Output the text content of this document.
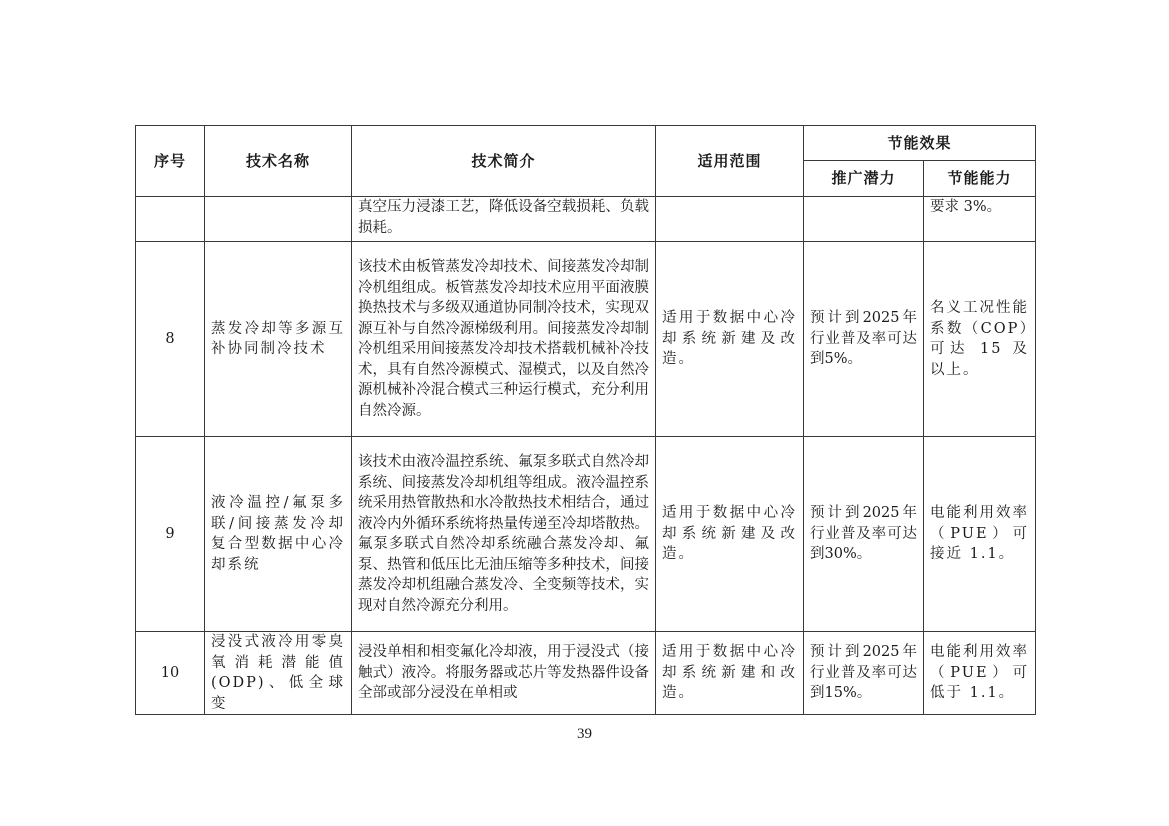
序号	技术名称	技术简介	适用范围	节能效果	
				推广潜力	节能能力
		真空压力浸漆工艺，降低设备空载损耗、负载损耗。			要求 3%。
8	蒸发冷却等多源互补协同制冷技术	该技术由板管蒸发冷却技术、间接蒸发冷却制冷机组组成。板管蒸发冷却技术应用平面液膜换热技术与多级双通道协同制冷技术，实现双源互补与自然冷源梯级利用。间接蒸发冷却制冷机组采用间接蒸发冷却技术搭载机械补冷技术，具有自然冷源模式、湿模式，以及自然冷源机械补冷混合模式三种运行模式，充分利用自然冷源。	适用于数据中心冷却系统新建及改造。	预计到2025年行业普及率可达到5%。	名义工况性能系数（COP）可达 15 及以上。
9	液冷温控/氟泵多联/间接蒸发冷却复合型数据中心冷却系统	该技术由液冷温控系统、氟泵多联式自然冷却系统、间接蒸发冷却机组等组成。液冷温控系统采用热管散热和水冷散热技术相结合，通过液冷内外循环系统将热量传递至冷却塔散热。氟泵多联式自然冷却系统融合蒸发冷却、氟泵、热管和低压比无油压缩等多种技术，间接蒸发冷却机组融合蒸发冷、全变频等技术，实现对自然冷源充分利用。	适用于数据中心冷却系统新建及改造。	预计到2025年行业普及率可达到30%。	电能利用效率（PUE）可接近 1.1。
10	浸没式液冷用零臭氧消耗潜能值(ODP)、低全球变	浸没单相和相变氟化冷却液，用于浸没式（接触式）液冷。将服务器或芯片等发热器件设备全部或部分浸没在单相或	适用于数据中心冷却系统新建和改造。	预计到2025年行业普及率可达到15%。	电能利用效率（PUE）可低于 1.1。
39
